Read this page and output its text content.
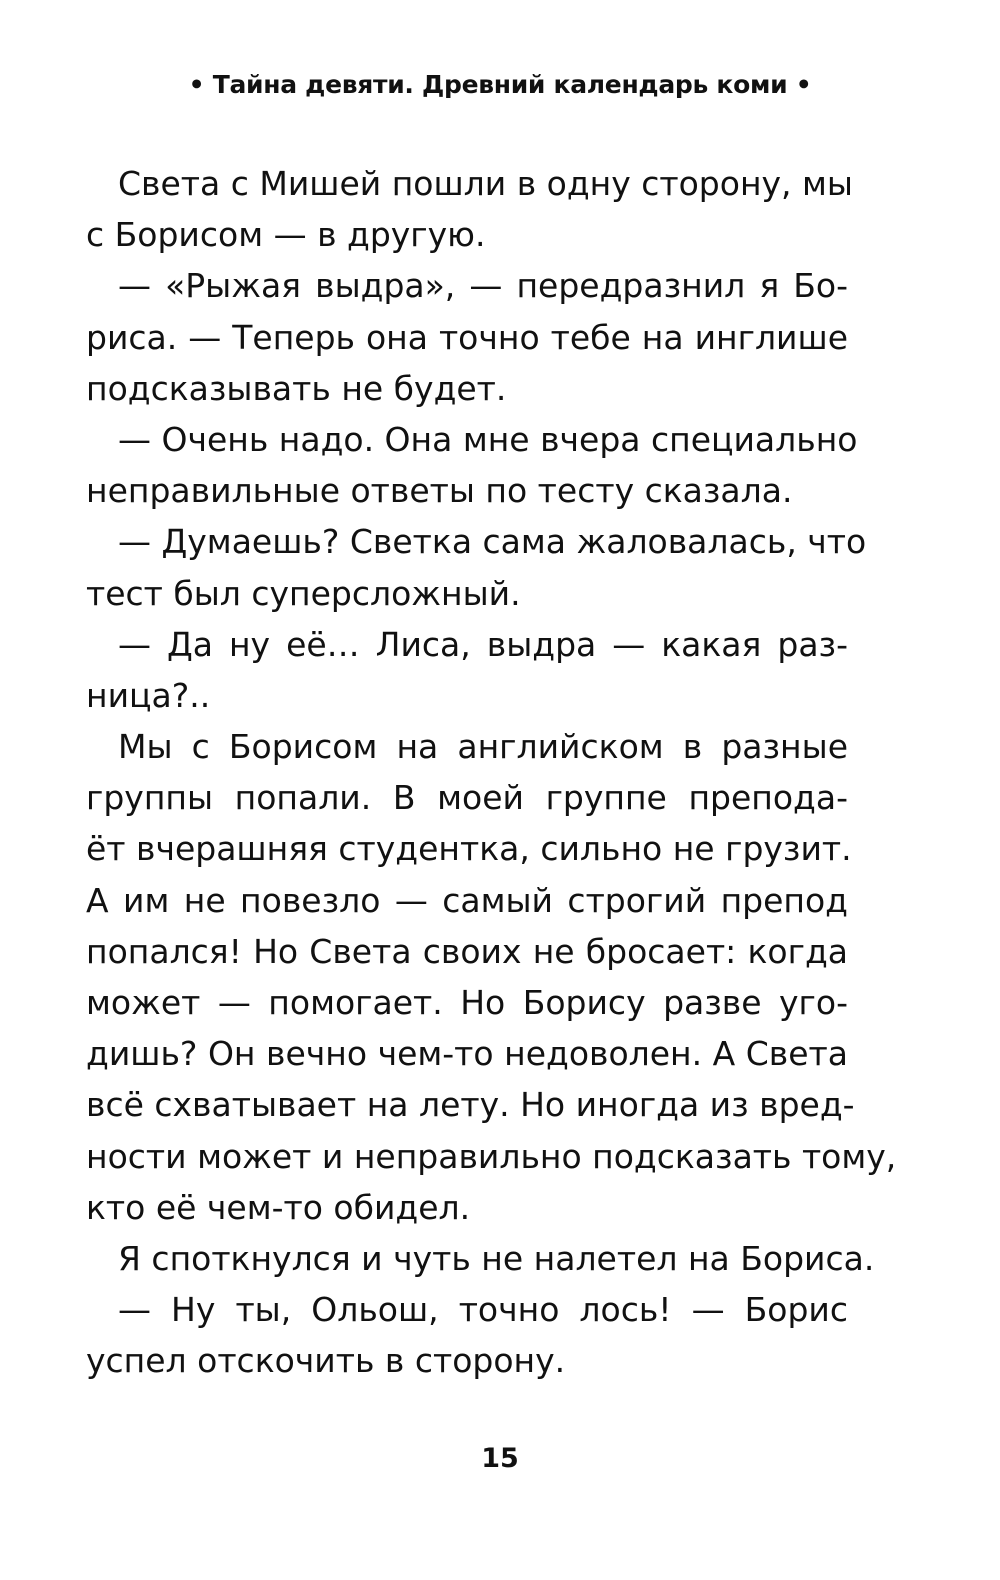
• Тайна девяти. Древний календарь коми •
Света с Мишей пошли в одну сторону, мы
с Борисом — в другую.
— «Рыжая выдра», — передразнил я Бо-
риса. — Теперь она точно тебе на инглише
подсказывать не будет.
— Очень надо. Она мне вчера специально
неправильные ответы по тесту сказала.
— Думаешь? Светка сама жаловалась, что
тест был суперсложный.
— Да ну её… Лиса, выдра — какая раз-
ница?..
Мы с Борисом на английском в разные
группы попали. В моей группе препода-
ёт вчерашняя студентка, сильно не грузит.
А им не повезло — самый строгий препод
попался! Но Света своих не бросает: когда
может — помогает. Но Борису разве уго-
дишь? Он вечно чем-то недоволен. А Света
всё схватывает на лету. Но иногда из вред-
ности может и неправильно подсказать тому,
кто её чем-то обидел.
Я споткнулся и чуть не налетел на Бориса.
— Ну ты, Ольош, точно лось! — Борис
успел отскочить в сторону.
15
